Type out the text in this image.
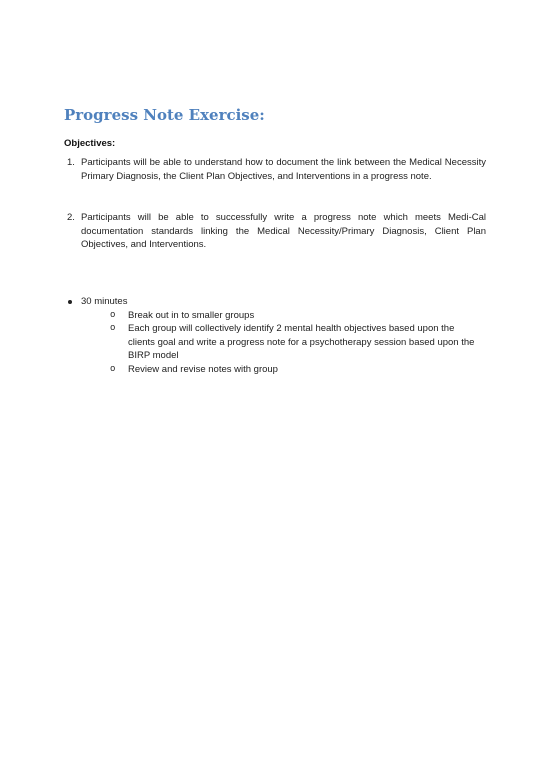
Progress Note Exercise:
Objectives:
1. Participants will be able to understand how to document the link between the Medical Necessity Primary Diagnosis, the Client Plan Objectives, and Interventions in a progress note.
2. Participants will be able to successfully write a progress note which meets Medi-Cal documentation standards linking the Medical Necessity/Primary Diagnosis, Client Plan Objectives, and Interventions.
30 minutes
o Break out in to smaller groups
o Each group will collectively identify 2 mental health objectives based upon the clients goal and write a progress note for a psychotherapy session based upon the BIRP model
o Review and revise notes with group
